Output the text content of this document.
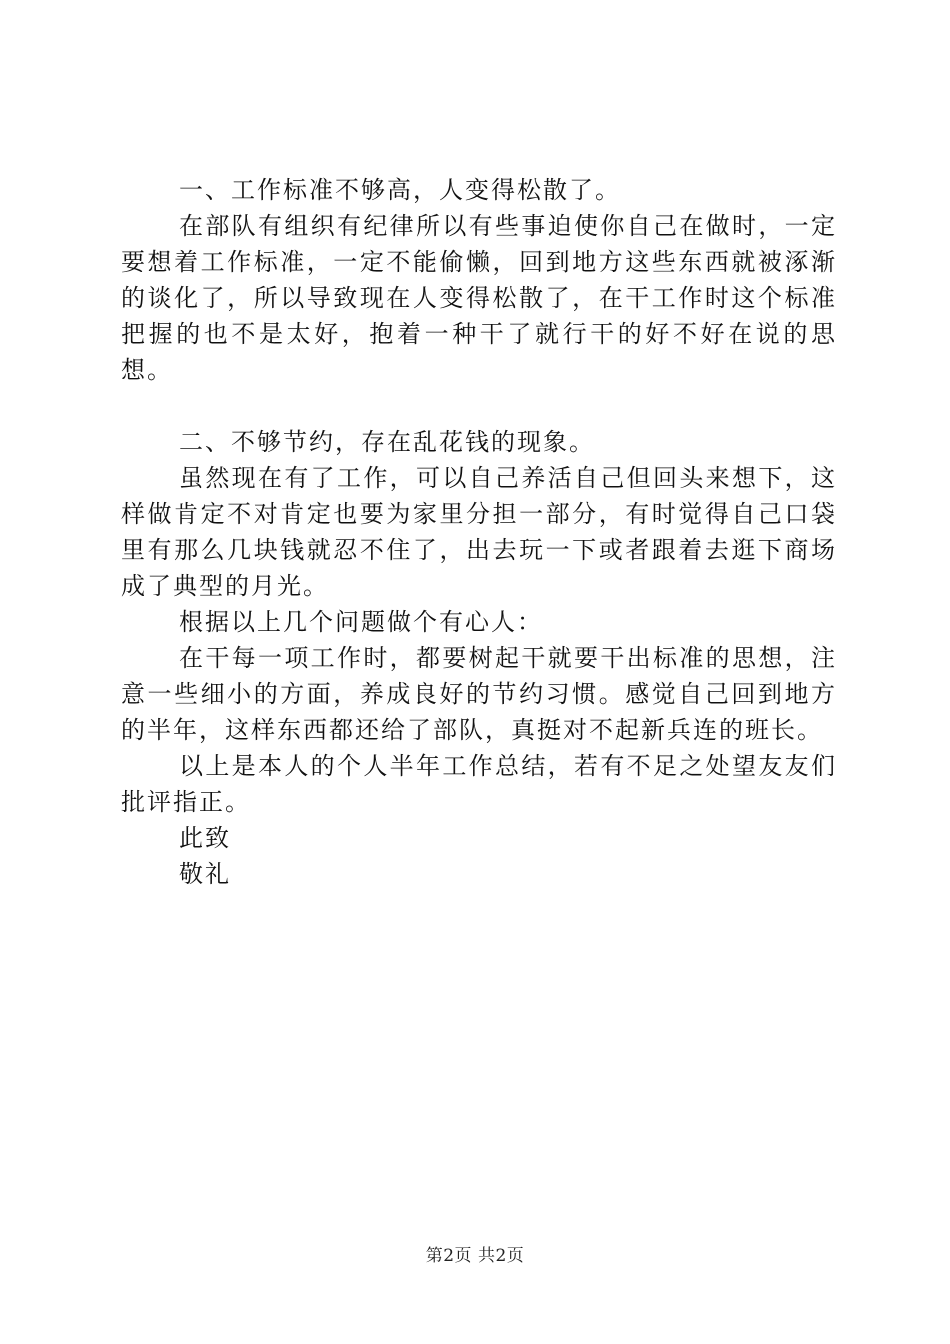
一、工作标准不够高，人变得松散了。

在部队有组织有纪律所以有些事迫使你自己在做时，一定要想着工作标准，一定不能偷懒，回到地方这些东西就被涿渐的谈化了，所以导致现在人变得松散了，在干工作时这个标准把握的也不是太好，抱着一种干了就行干的好不好在说的思想。

二、不够节约，存在乱花钱的现象。

虽然现在有了工作，可以自己养活自己但回头来想下，这样做肯定不对肯定也要为家里分担一部分，有时觉得自己口袋里有那么几块钱就忍不住了，出去玩一下或者跟着去逛下商场成了典型的月光。

根据以上几个问题做个有心人：

在干每一项工作时，都要树起干就要干出标准的思想，注意一些细小的方面，养成良好的节约习惯。感觉自己回到地方的半年，这样东西都还给了部队，真挺对不起新兵连的班长。

以上是本人的个人半年工作总结，若有不足之处望友友们批评指正。

此致

敬礼

第2页 共2页
